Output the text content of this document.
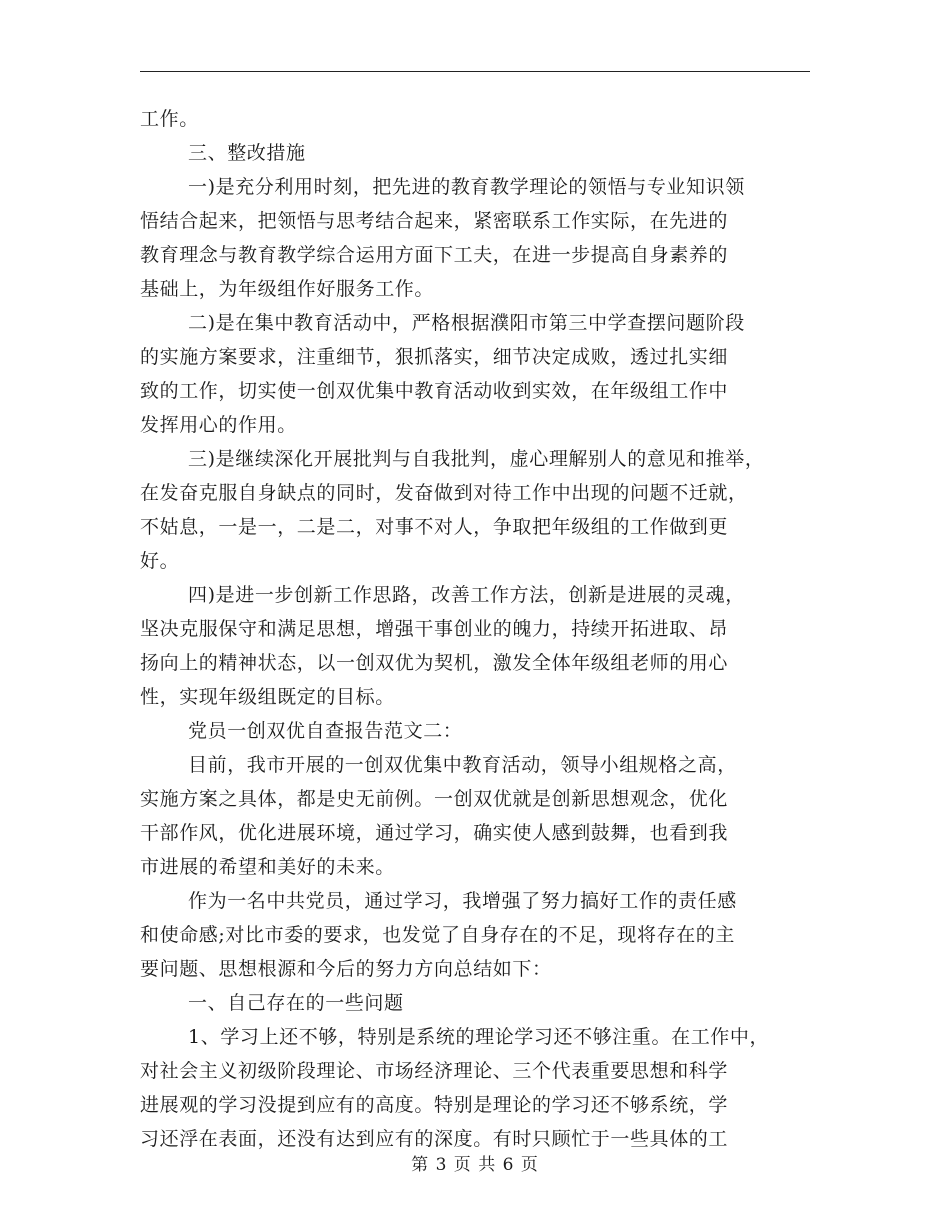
工作。
三、整改措施
一)是充分利用时刻，把先进的教育教学理论的领悟与专业知识领
悟结合起来，把领悟与思考结合起来，紧密联系工作实际，在先进的
教育理念与教育教学综合运用方面下工夫，在进一步提高自身素养的
基础上，为年级组作好服务工作。
二)是在集中教育活动中，严格根据濮阳市第三中学查摆问题阶段
的实施方案要求，注重细节，狠抓落实，细节决定成败，透过扎实细
致的工作，切实使一创双优集中教育活动收到实效，在年级组工作中
发挥用心的作用。
三)是继续深化开展批判与自我批判，虚心理解别人的意见和推举，
在发奋克服自身缺点的同时，发奋做到对待工作中出现的问题不迁就，
不姑息，一是一，二是二，对事不对人，争取把年级组的工作做到更
好。
四)是进一步创新工作思路，改善工作方法，创新是进展的灵魂，
坚决克服保守和满足思想，增强干事创业的魄力，持续开拓进取、昂
扬向上的精神状态，以一创双优为契机，激发全体年级组老师的用心
性，实现年级组既定的目标。
党员一创双优自查报告范文二：
目前，我市开展的一创双优集中教育活动，领导小组规格之高，
实施方案之具体，都是史无前例。一创双优就是创新思想观念，优化
干部作风，优化进展环境，通过学习，确实使人感到鼓舞，也看到我
市进展的希望和美好的未来。
作为一名中共党员，通过学习，我增强了努力搞好工作的责任感
和使命感;对比市委的要求，也发觉了自身存在的不足，现将存在的主
要问题、思想根源和今后的努力方向总结如下：
一、自己存在的一些问题
1、学习上还不够，特别是系统的理论学习还不够注重。在工作中，
对社会主义初级阶段理论、市场经济理论、三个代表重要思想和科学
进展观的学习没提到应有的高度。特别是理论的学习还不够系统，学
习还浮在表面，还没有达到应有的深度。有时只顾忙于一些具体的工
第 3 页 共 6 页
